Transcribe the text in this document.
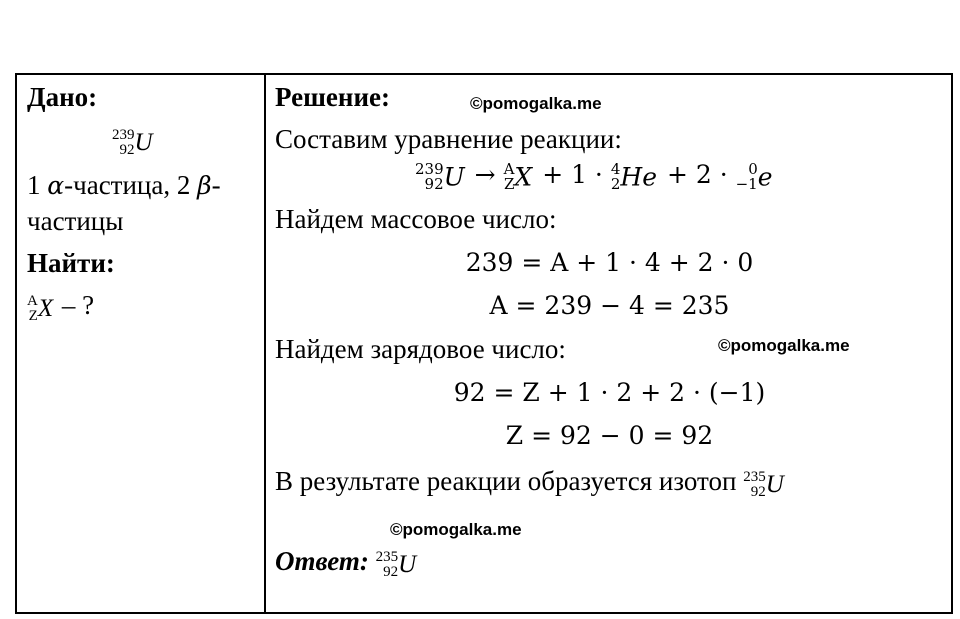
Дано:
239
92 U
1 α-частица, 2 β-
частицы
Найти:
A
Z X – ?
Решение:
Составим уравнение реакции:
239
92 U → A
Z X + 1 · 4
2 He + 2 · 0
−1 e
Найдем массовое число:
239 = A + 1 · 4 + 2 · 0
A = 239 − 4 = 235
Найдем зарядовое число:
92 = Z + 1 · 2 + 2 · (−1)
Z = 92 − 0 = 92
В результате реакции образуется изотоп 235
92 U
Ответ: 235
92 U
©pomogalka.me
©pomogalka.me
©pomogalka.me
